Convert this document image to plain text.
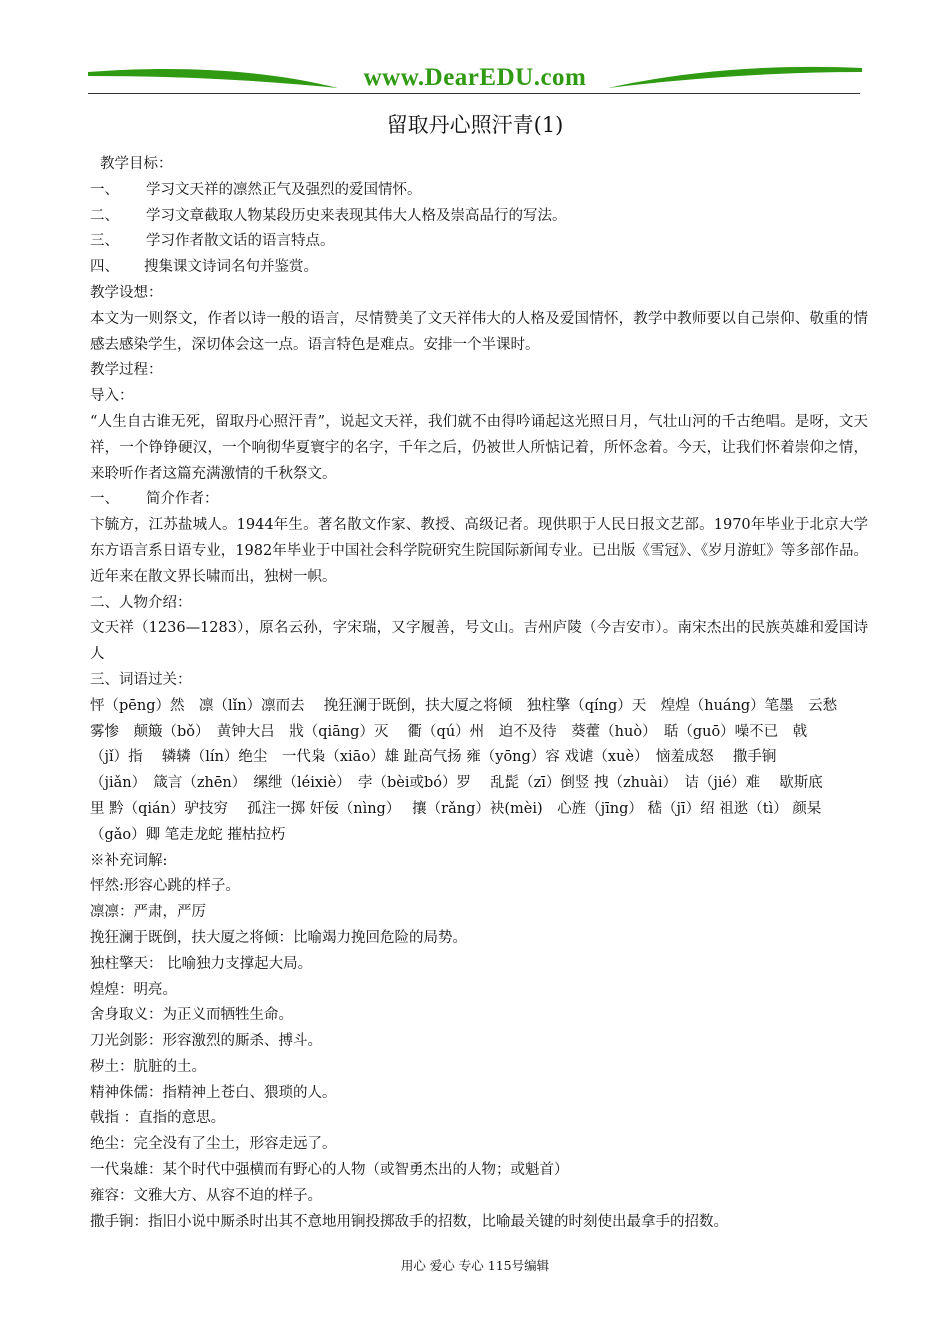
www.DearEDU.com
留取丹心照汗青(1)
教学目标：
一、 学习文天祥的凛然正气及强烈的爱国情怀。
二、 学习文章截取人物某段历史来表现其伟大人格及崇高品行的写法。
三、 学习作者散文话的语言特点。
四、 搜集课文诗词名句并鉴赏。
教学设想：
本文为一则祭文，作者以诗一般的语言，尽情赞美了文天祥伟大的人格及爱国情怀，教学中教师要以自己崇仰、敬重的情感去感染学生，深切体会这一点。语言特色是难点。安排一个半课时。
教学过程：
导入：
“人生自古谁无死，留取丹心照汗青”，说起文天祥，我们就不由得吟诵起这光照日月，气壮山河的千古绝唱。是呀，文天祥，一个铮铮硬汉，一个响彻华夏寰宇的名字，千年之后，仍被世人所惦记着，所怀念着。今天，让我们怀着崇仰之情，来聆听作者这篇充满激情的千秋祭文。
一、 简介作者：
卞毓方，江苏盐城人。1944年生。著名散文作家、教授、高级记者。现供职于人民日报文艺部。1970年毕业于北京大学东方语言系日语专业，1982年毕业于中国社会科学院研究生院国际新闻专业。已出版《雪冠》、《岁月游虹》等多部作品。近年来在散文界长啸而出，独树一帜。
二、人物介绍：
文天祥（1236—1283），原名云孙，字宋瑞，又字履善，号文山。吉州庐陵（今吉安市）。南宋杰出的民族英雄和爱国诗人
三、词语过关：
怦（pēng）然　凛（lǐn）凛而去　 挽狂澜于既倒，扶大厦之将倾　独柱擎（qíng）天　煌煌（huáng）笔墨　云愁
雾惨　颠簸（bǒ）　黄钟大吕　戕（qiāng）灭　 衢（qú）州　迫不及待　葵藿（huò）　聒（guō）噪不已　戟
（jǐ）指　 辚辚（lín）绝尘　一代枭（xiāo）雄 趾高气扬 雍（yōng）容 戏谑（xuè）　恼羞成怒　 撒手锏
（jiǎn）　箴言（zhēn）　缧绁（léixiè）　孛（bèi或bó）罗　 乱髭（zī）倒竖 拽（zhuài）　诘（jié）难　 歇斯底
里 黔（qián）驴技穷　 孤注一掷 奸佞（nìng）　 攘（rǎng）袂(mèi)　心旌（jīng） 嵇（jī）绍 祖逖（tì） 颜杲
（gǎo）卿 笔走龙蛇 摧枯拉朽
※补充词解:
怦然:形容心跳的样子。
凛凛：严肃，严厉
挽狂澜于既倒，扶大厦之将倾：比喻竭力挽回危险的局势。
独柱擎天： 比喻独力支撑起大局。
煌煌：明亮。
舍身取义：为正义而牺牲生命。
刀光剑影：形容激烈的厮杀、搏斗。
秽土：肮脏的土。
精神侏儒：指精神上苍白、猥琐的人。
戟指 ：直指的意思。
绝尘：完全没有了尘土，形容走远了。
一代枭雄：某个时代中强横而有野心的人物（或智勇杰出的人物；或魁首）
雍容：文雅大方、从容不迫的样子。
撒手锏：指旧小说中厮杀时出其不意地用锏投掷敌手的招数，比喻最关键的时刻使出最拿手的招数。
用心 爱心 专心 115号编辑
